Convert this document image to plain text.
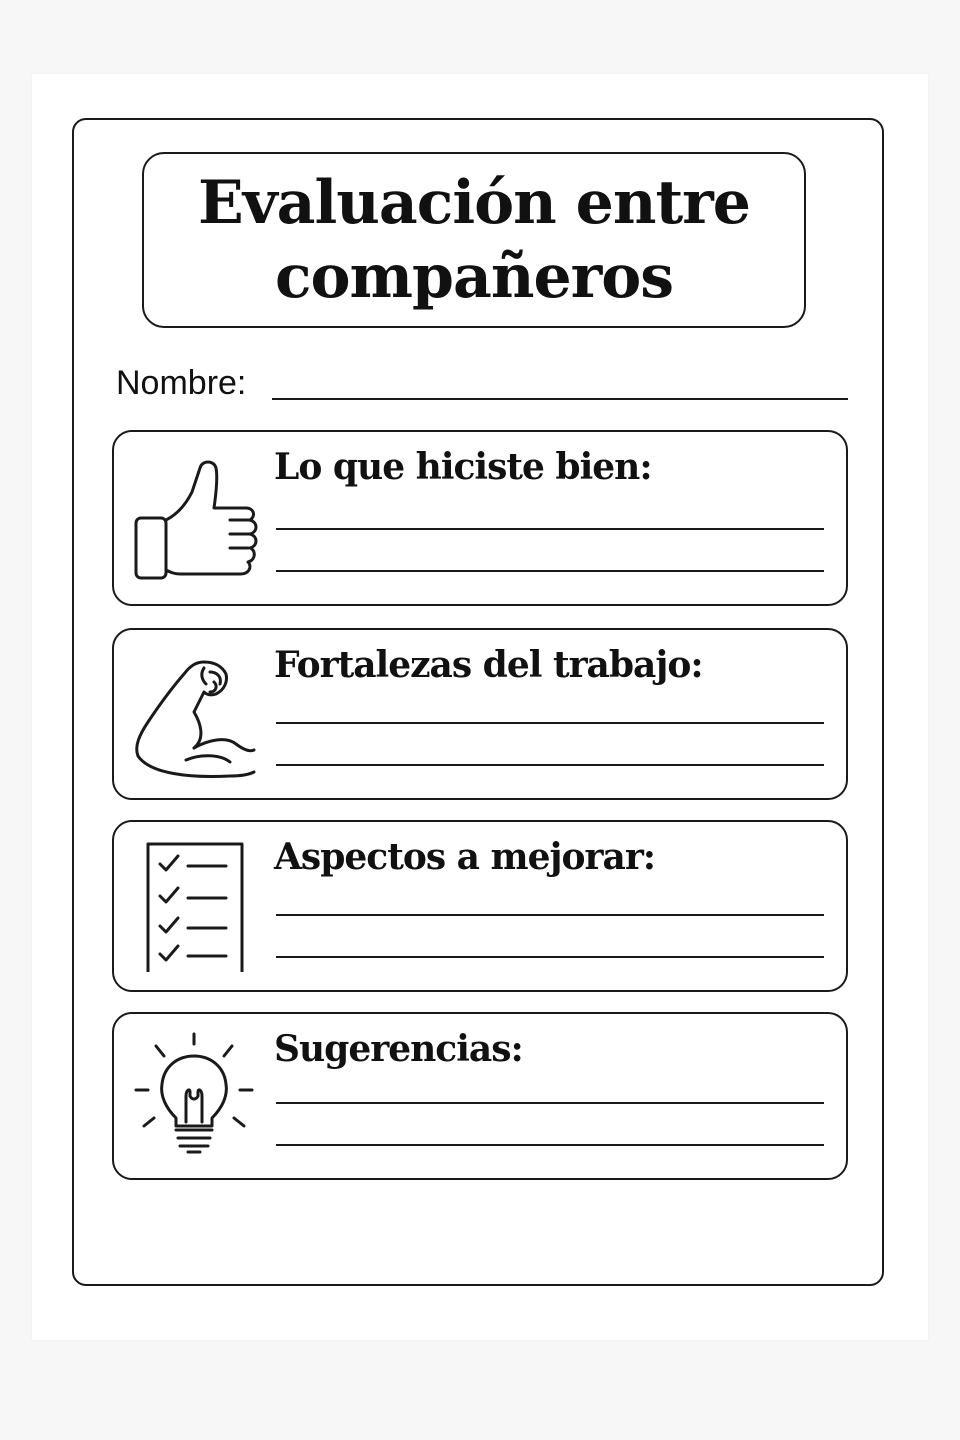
Evaluación entre compañeros
Nombre:
Lo que hiciste bien:
Fortalezas del trabajo:
Aspectos a mejorar:
Sugerencias:
